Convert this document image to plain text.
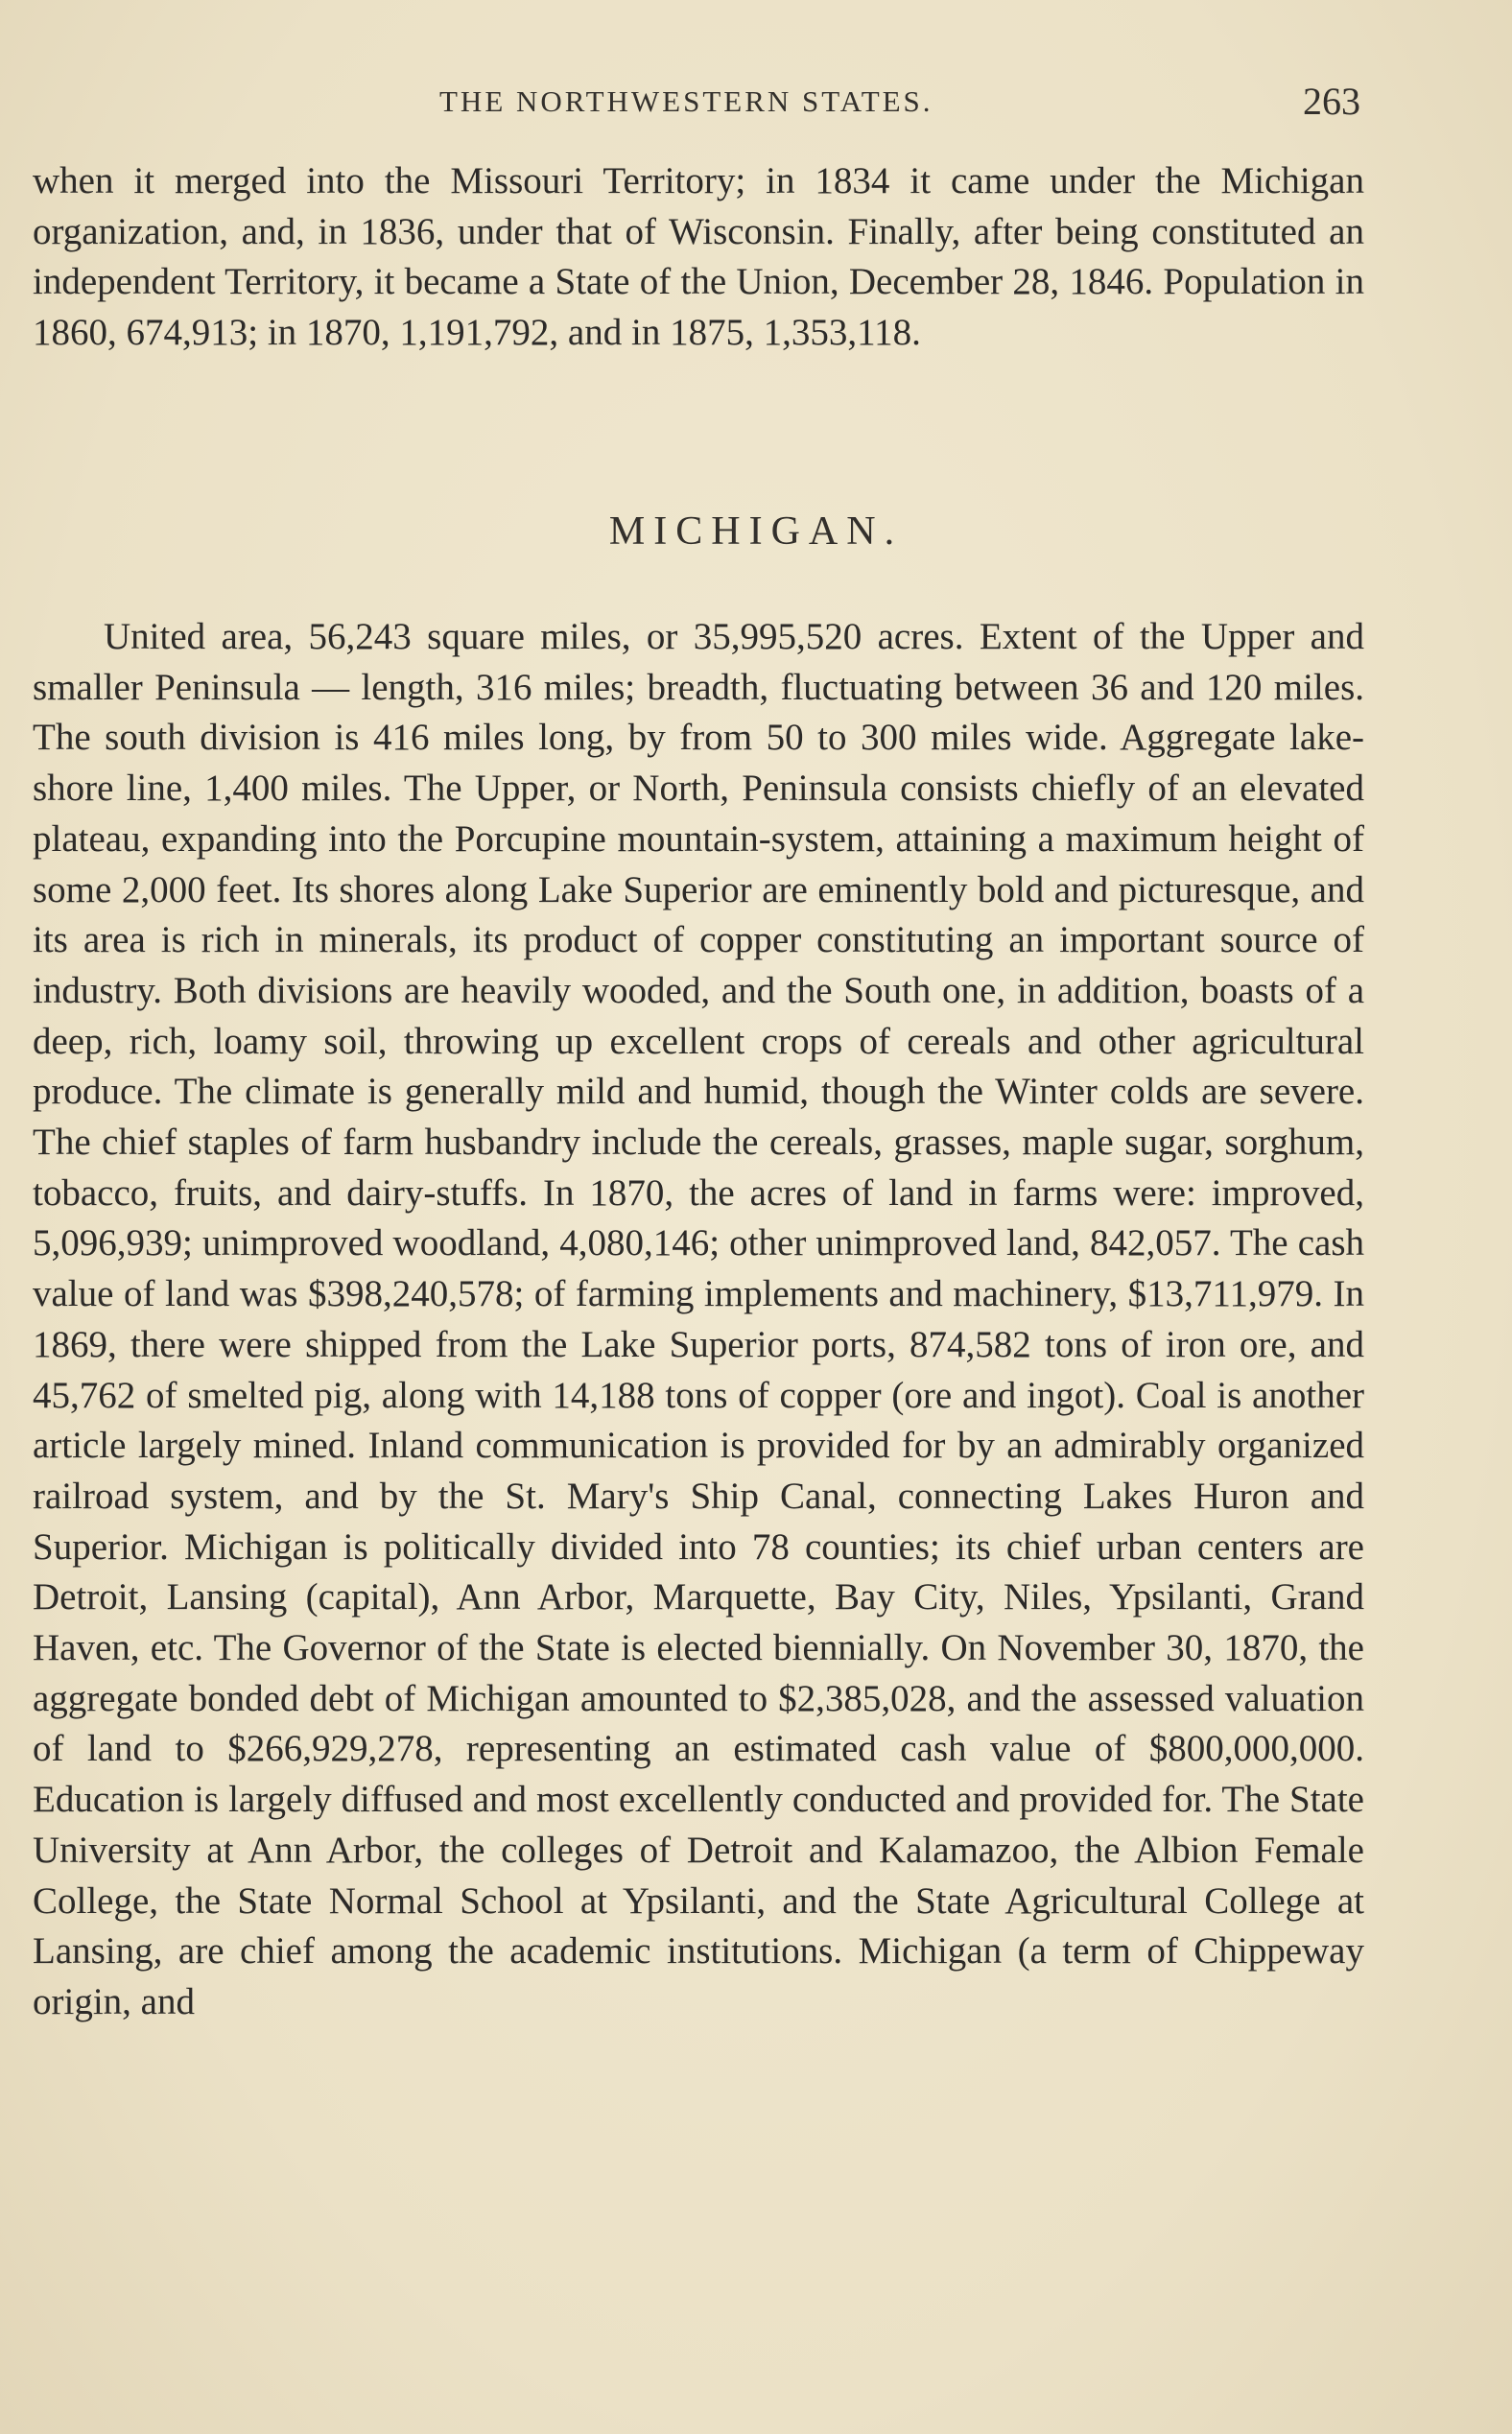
THE NORTHWESTERN STATES.	263

when it merged into the Missouri Territory; in 1834 it came under the Michigan organization, and, in 1836, under that of Wisconsin. Finally, after being constituted an independent Territory, it became a State of the Union, December 28, 1846. Population in 1860, 674,913; in 1870, 1,191,792, and in 1875, 1,353,118.

MICHIGAN.

United area, 56,243 square miles, or 35,995,520 acres. Extent of the Upper and smaller Peninsula — length, 316 miles; breadth, fluctuating between 36 and 120 miles. The south division is 416 miles long, by from 50 to 300 miles wide. Aggregate lake-shore line, 1,400 miles. The Upper, or North, Peninsula consists chiefly of an elevated plateau, expanding into the Porcupine mountain-system, attaining a maximum height of some 2,000 feet. Its shores along Lake Superior are eminently bold and picturesque, and its area is rich in minerals, its product of copper constituting an important source of industry. Both divisions are heavily wooded, and the South one, in addition, boasts of a deep, rich, loamy soil, throwing up excellent crops of cereals and other agricultural produce. The climate is generally mild and humid, though the Winter colds are severe. The chief staples of farm husbandry include the cereals, grasses, maple sugar, sorghum, tobacco, fruits, and dairy-stuffs. In 1870, the acres of land in farms were: improved, 5,096,939; unimproved woodland, 4,080,146; other unimproved land, 842,057. The cash value of land was $398,240,578; of farming implements and machinery, $13,711,979. In 1869, there were shipped from the Lake Superior ports, 874,582 tons of iron ore, and 45,762 of smelted pig, along with 14,188 tons of copper (ore and ingot). Coal is another article largely mined. Inland communication is provided for by an admirably organized railroad system, and by the St. Mary's Ship Canal, connecting Lakes Huron and Superior. Michigan is politically divided into 78 counties; its chief urban centers are Detroit, Lansing (capital), Ann Arbor, Marquette, Bay City, Niles, Ypsilanti, Grand Haven, etc. The Governor of the State is elected biennially. On November 30, 1870, the aggregate bonded debt of Michigan amounted to $2,385,028, and the assessed valuation of land to $266,929,278, representing an estimated cash value of $800,000,000. Education is largely diffused and most excellently conducted and provided for. The State University at Ann Arbor, the colleges of Detroit and Kalamazoo, the Albion Female College, the State Normal School at Ypsilanti, and the State Agricultural College at Lansing, are chief among the academic institutions. Michigan (a term of Chippeway origin, and
